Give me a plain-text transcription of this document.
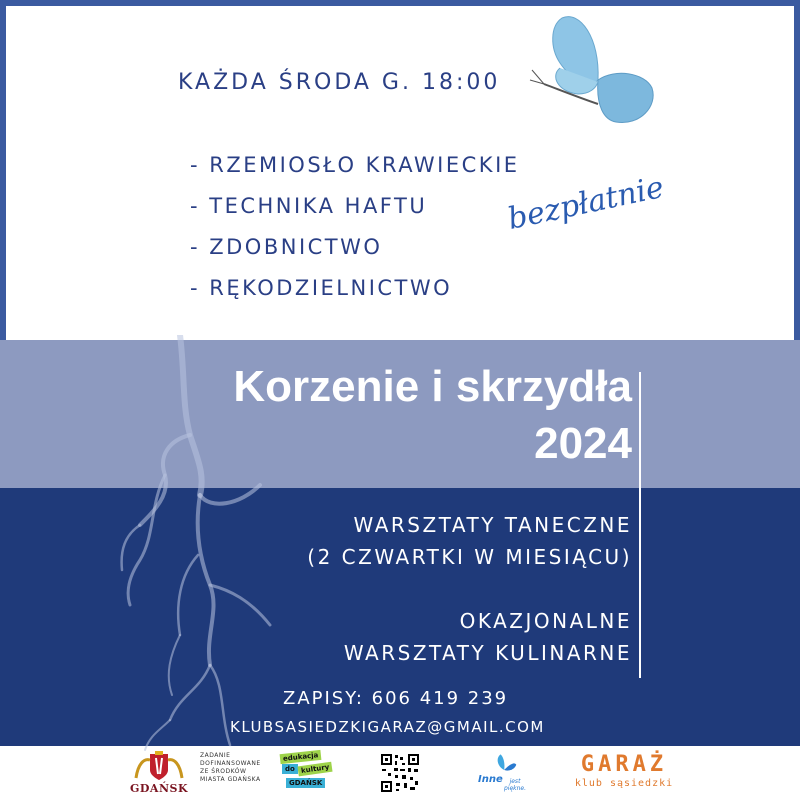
KAŻDA ŚRODA G. 18:00
- RZEMIOSŁO KRAWIECKIE
- TECHNIKA HAFTU
- ZDOBNICTWO
- RĘKODZIELNICTWO
bezpłatnie
Korzenie i skrzydła
2024
WARSZTATY TANECZNE
(2 CZWARTKI W MIESIĄCU)
OKAZJONALNE
WARSZTATY KULINARNE
ZAPISY: 606 419 239
KLUBSASIEDZKIGARAZ@GMAIL.COM
GDAŃSK
ZADANIE
DOFINANSOWANE
ZE ŚRODKÓW
MIASTA GDAŃSKA
edukacja
do kultury
GDAŃSK	Inne	jest piękne.
GARAŻ
klub sąsiedzki
